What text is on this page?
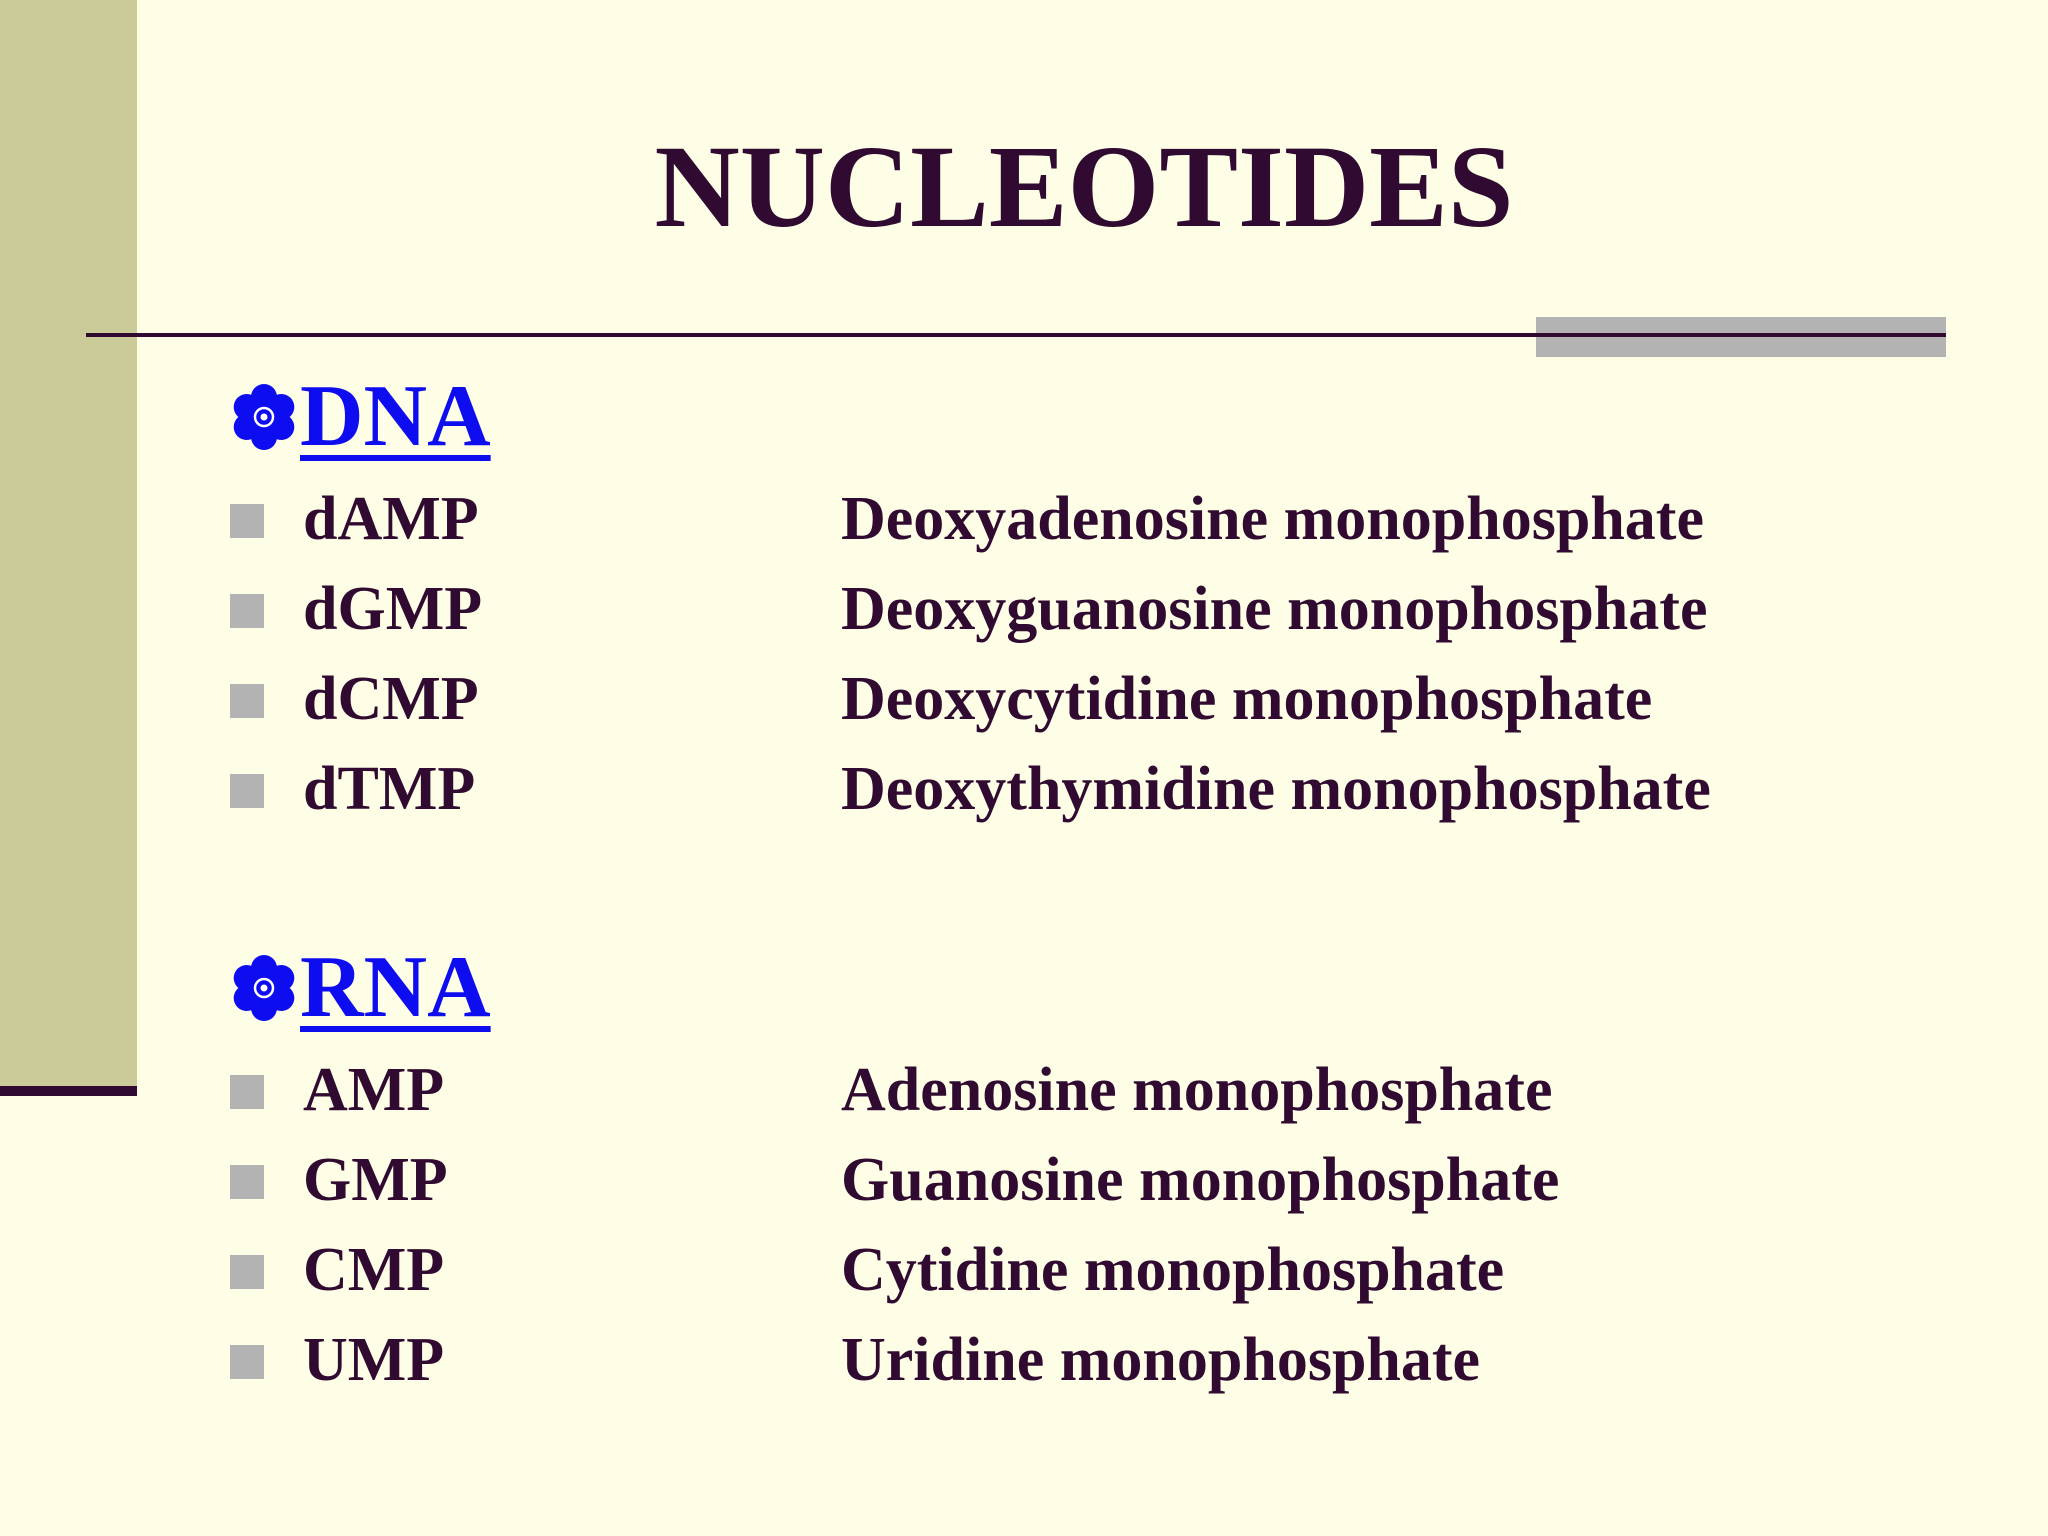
NUCLEOTIDES
DNA
dAMP	Deoxyadenosine monophosphate
dGMP	Deoxyguanosine monophosphate
dCMP	Deoxycytidine monophosphate
dTMP	Deoxythymidine monophosphate
RNA
AMP	Adenosine monophosphate
GMP	Guanosine monophosphate
CMP	Cytidine monophosphate
UMP	Uridine monophosphate
